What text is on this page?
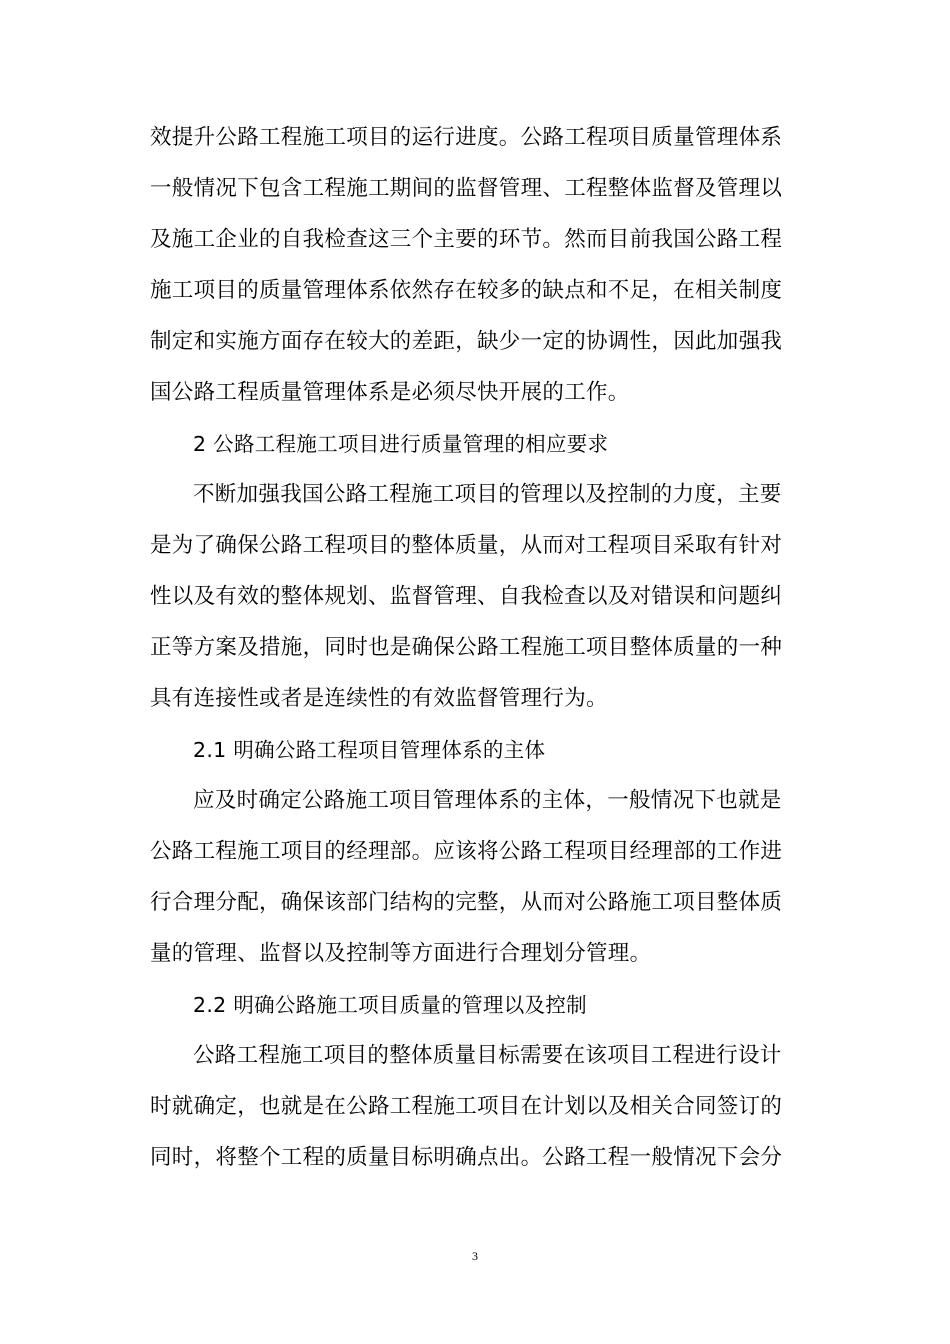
效提升公路工程施工项目的运行进度。公路工程项目质量管理体系
一般情况下包含工程施工期间的监督管理、工程整体监督及管理以
及施工企业的自我检查这三个主要的环节。然而目前我国公路工程
施工项目的质量管理体系依然存在较多的缺点和不足，在相关制度
制定和实施方面存在较大的差距，缺少一定的协调性，因此加强我
国公路工程质量管理体系是必须尽快开展的工作。
2 公路工程施工项目进行质量管理的相应要求
不断加强我国公路工程施工项目的管理以及控制的力度，主要
是为了确保公路工程项目的整体质量，从而对工程项目采取有针对
性以及有效的整体规划、监督管理、自我检查以及对错误和问题纠
正等方案及措施，同时也是确保公路工程施工项目整体质量的一种
具有连接性或者是连续性的有效监督管理行为。
2.1 明确公路工程项目管理体系的主体
应及时确定公路施工项目管理体系的主体，一般情况下也就是
公路工程施工项目的经理部。应该将公路工程项目经理部的工作进
行合理分配，确保该部门结构的完整，从而对公路施工项目整体质
量的管理、监督以及控制等方面进行合理划分管理。
2.2 明确公路施工项目质量的管理以及控制
公路工程施工项目的整体质量目标需要在该项目工程进行设计
时就确定，也就是在公路工程施工项目在计划以及相关合同签订的
同时，将整个工程的质量目标明确点出。公路工程一般情况下会分
3
